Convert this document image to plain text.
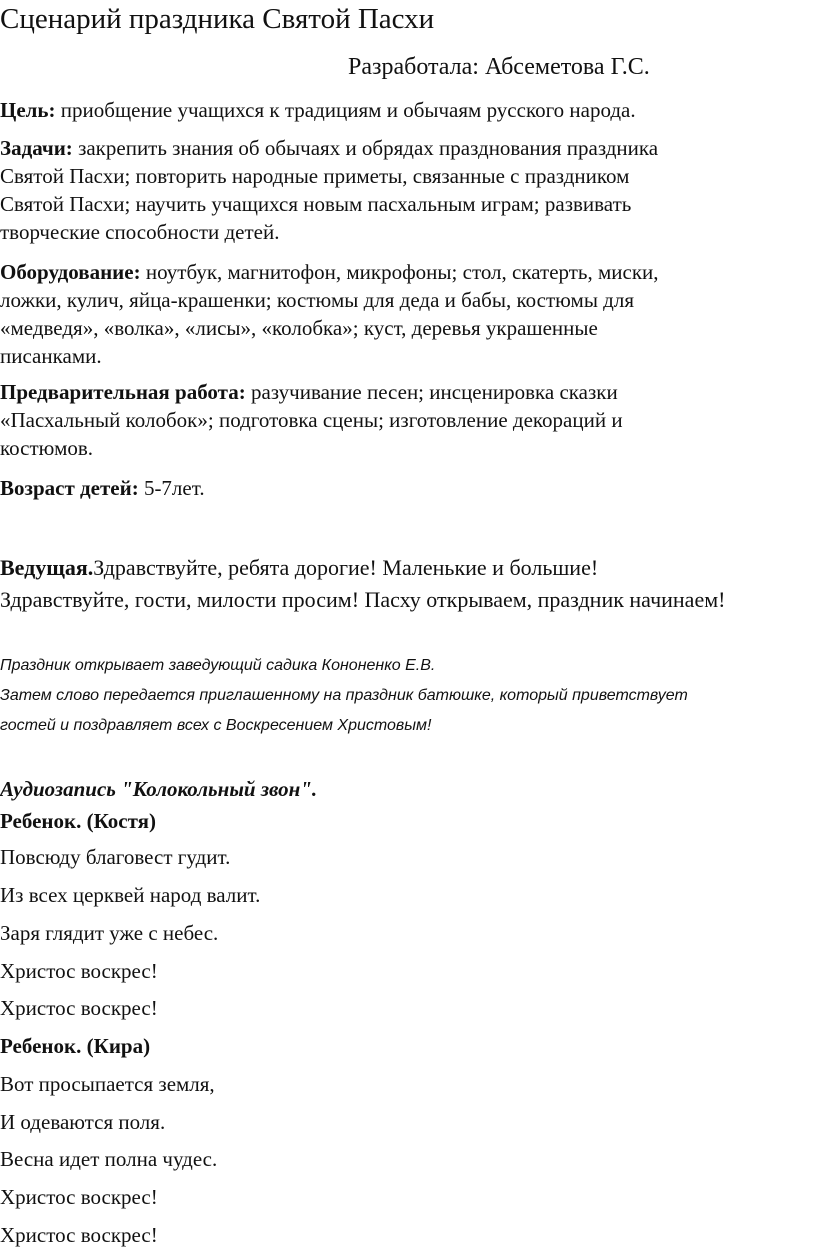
Сценарий праздника Святой Пасхи
Разработала: Абсеметова Г.С.
Цель: приобщение учащихся к традициям и обычаям русского народа.
Задачи: закрепить знания об обычаях и обрядах празднования праздника
Святой Пасхи; повторить народные приметы, связанные с праздником
Святой Пасхи; научить учащихся новым пасхальным играм; развивать
творческие способности детей.
Оборудование: ноутбук, магнитофон, микрофоны; стол, скатерть, миски,
ложки, кулич, яйца-крашенки; костюмы для деда и бабы, костюмы для
«медведя», «волка», «лисы», «колобка»; куст, деревья украшенные
писанками.
Предварительная работа: разучивание песен; инсценировка сказки
«Пасхальный колобок»; подготовка сцены; изготовление декораций и
костюмов.
Возраст детей: 5-7лет.
Ведущая.Здравствуйте, ребята дорогие! Маленькие и большие!
Здравствуйте, гости, милости просим! Пасху открываем, праздник начинаем!
Праздник открывает заведующий садика Кононенко Е.В.
Затем слово передается приглашенному на праздник батюшке, который приветствует
гостей и поздравляет всех с Воскресением Христовым!
Аудиозапись "Колокольный звон".
Ребенок. (Костя)
Повсюду благовест гудит.
Из всех церквей народ валит.
Заря глядит уже с небес.
Христос воскрес!
Христос воскрес!
Ребенок. (Кира)
Вот просыпается земля,
И одеваются поля.
Весна идет полна чудес.
Христос воскрес!
Христос воскрес!
